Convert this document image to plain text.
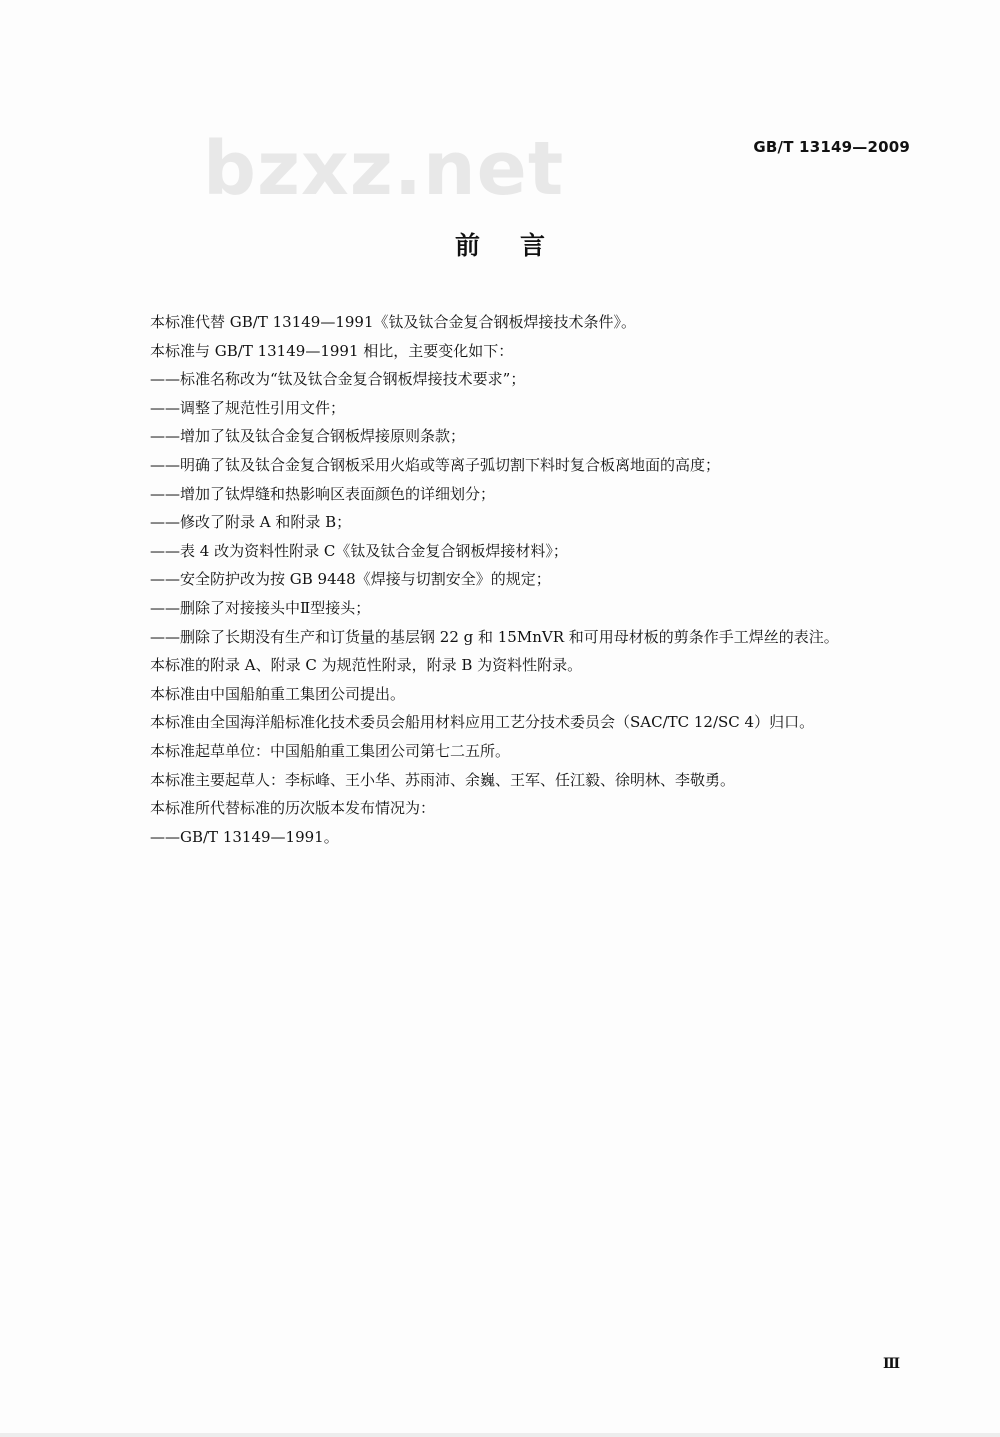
bzxz.net	GB/T 13149—2009
前言

本标准代替 GB/T 13149—1991《钛及钛合金复合钢板焊接技术条件》。

本标准与 GB/T 13149—1991 相比，主要变化如下：

——标准名称改为“钛及钛合金复合钢板焊接技术要求”；

——调整了规范性引用文件；

——增加了钛及钛合金复合钢板焊接原则条款；

——明确了钛及钛合金复合钢板采用火焰或等离子弧切割下料时复合板离地面的高度；

——增加了钛焊缝和热影响区表面颜色的详细划分；

——修改了附录 A 和附录 B；

——表 4 改为资料性附录 C《钛及钛合金复合钢板焊接材料》；

——安全防护改为按 GB 9448《焊接与切割安全》的规定；

——删除了对接接头中Ⅱ型接头；

——删除了长期没有生产和订货量的基层钢 22 g 和 15MnVR 和可用母材板的剪条作手工焊丝的表注。

本标准的附录 A、附录 C 为规范性附录，附录 B 为资料性附录。

本标准由中国船舶重工集团公司提出。

本标准由全国海洋船标准化技术委员会船用材料应用工艺分技术委员会（SAC/TC 12/SC 4）归口。

本标准起草单位：中国船舶重工集团公司第七二五所。

本标准主要起草人：李标峰、王小华、苏雨沛、余巍、王军、任江毅、徐明林、李敬勇。

本标准所代替标准的历次版本发布情况为：

——GB/T 13149—1991。

Ⅲ
